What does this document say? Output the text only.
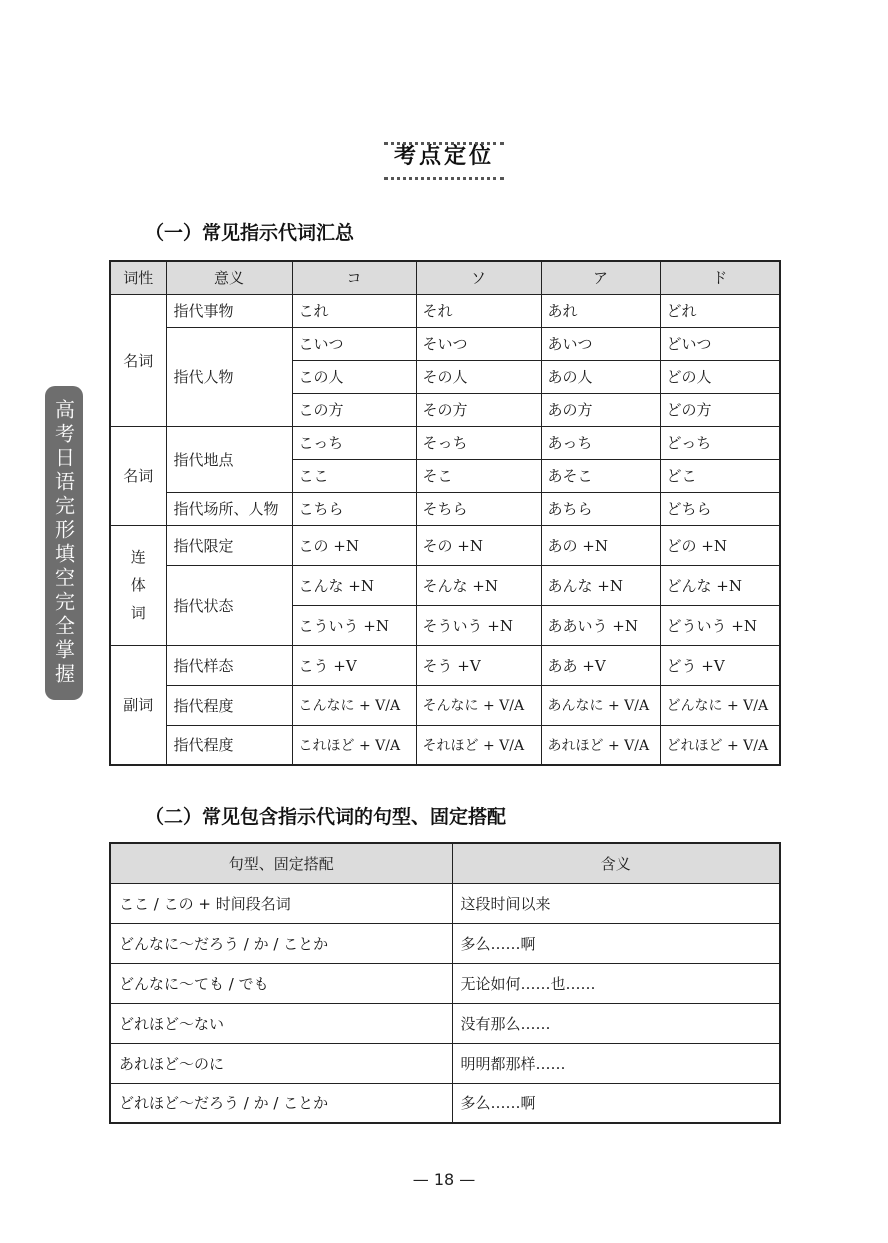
考点定位
高考日语完形填空完全掌握
（一）常见指示代词汇总
词性	意义	コ	ソ	ア	ド
名词	指代事物	これ	それ	あれ	どれ
	指代人物	こいつ	そいつ	あいつ	どいつ
		この人	その人	あの人	どの人
		この方	その方	あの方	どの方
名词	指代地点	こっち	そっち	あっち	どっち
		ここ	そこ	あそこ	どこ
	指代场所、人物	こちら	そちら	あちら	どちら
连体词	指代限定	この +N	その +N	あの +N	どの +N
	指代状态	こんな +N	そんな +N	あんな +N	どんな +N
		こういう +N	そういう +N	ああいう +N	どういう +N
副词	指代样态	こう +V	そう +V	ああ +V	どう +V
	指代程度	こんなに + V/A	そんなに + V/A	あんなに + V/A	どんなに + V/A
	指代程度	これほど + V/A	それほど + V/A	あれほど + V/A	どれほど + V/A
（二）常见包含指示代词的句型、固定搭配
句型、固定搭配	含义
ここ / この + 时间段名词	这段时间以来
どんなに～だろう / か / ことか	多么……啊
どんなに～ても / でも	无论如何……也……
どれほど～ない	没有那么……
あれほど～のに	明明都那样……
どれほど～だろう / か / ことか	多么……啊
— 18 —
